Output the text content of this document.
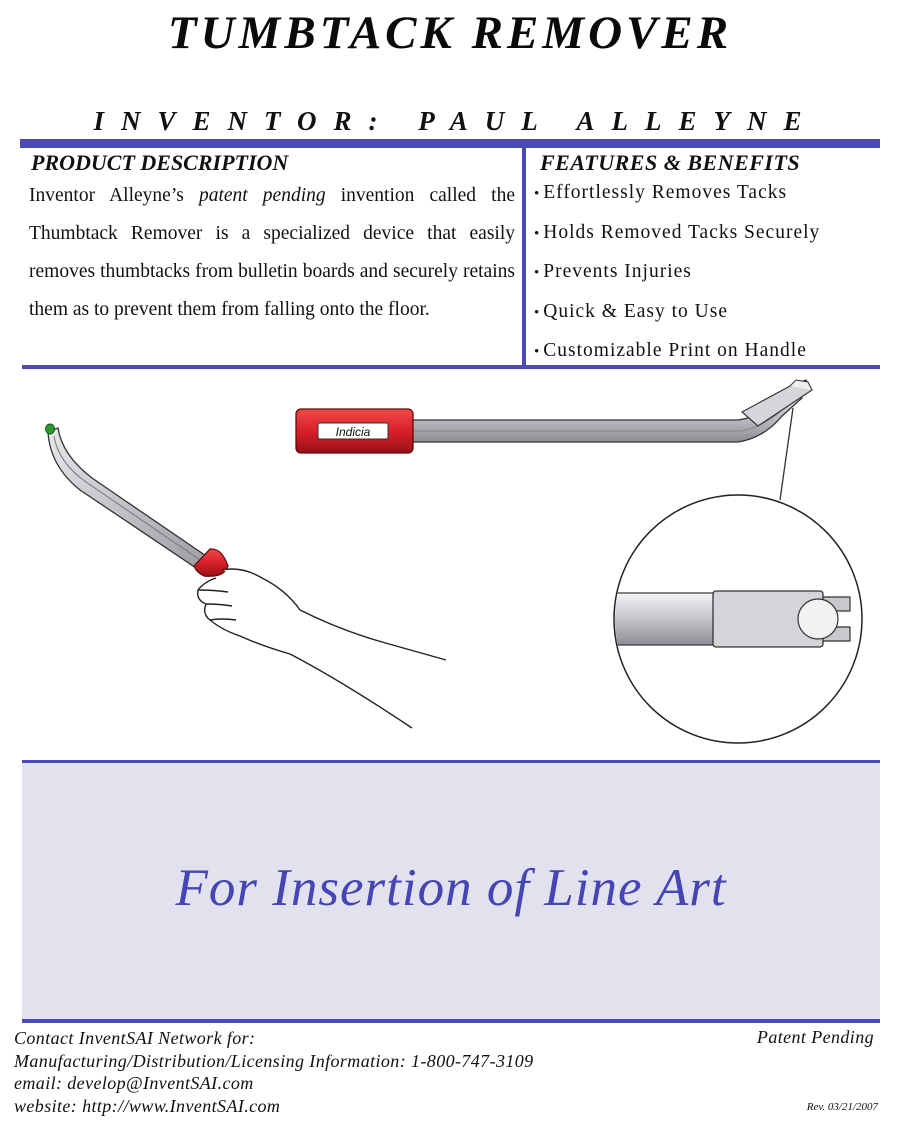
TUMBTACK REMOVER
INVENTOR: PAUL ALLEYNE
PRODUCT DESCRIPTION
Inventor Alleyne’s patent pending invention called the Thumbtack Remover is a specialized device that easily removes thumbtacks from bulletin boards and securely retains them as to prevent them from falling onto the floor.
FEATURES & BENEFITS
• Effortlessly Removes Tacks
• Holds Removed Tacks Securely
• Prevents Injuries
• Quick & Easy to Use
• Customizable Print on Handle
Indicia
For Insertion of Line Art
Contact InventSAI Network for:
Manufacturing/Distribution/Licensing Information: 1-800-747-3109
email: develop@InventSAI.com
website: http://www.InventSAI.com
Patent Pending
Rev. 03/21/2007
